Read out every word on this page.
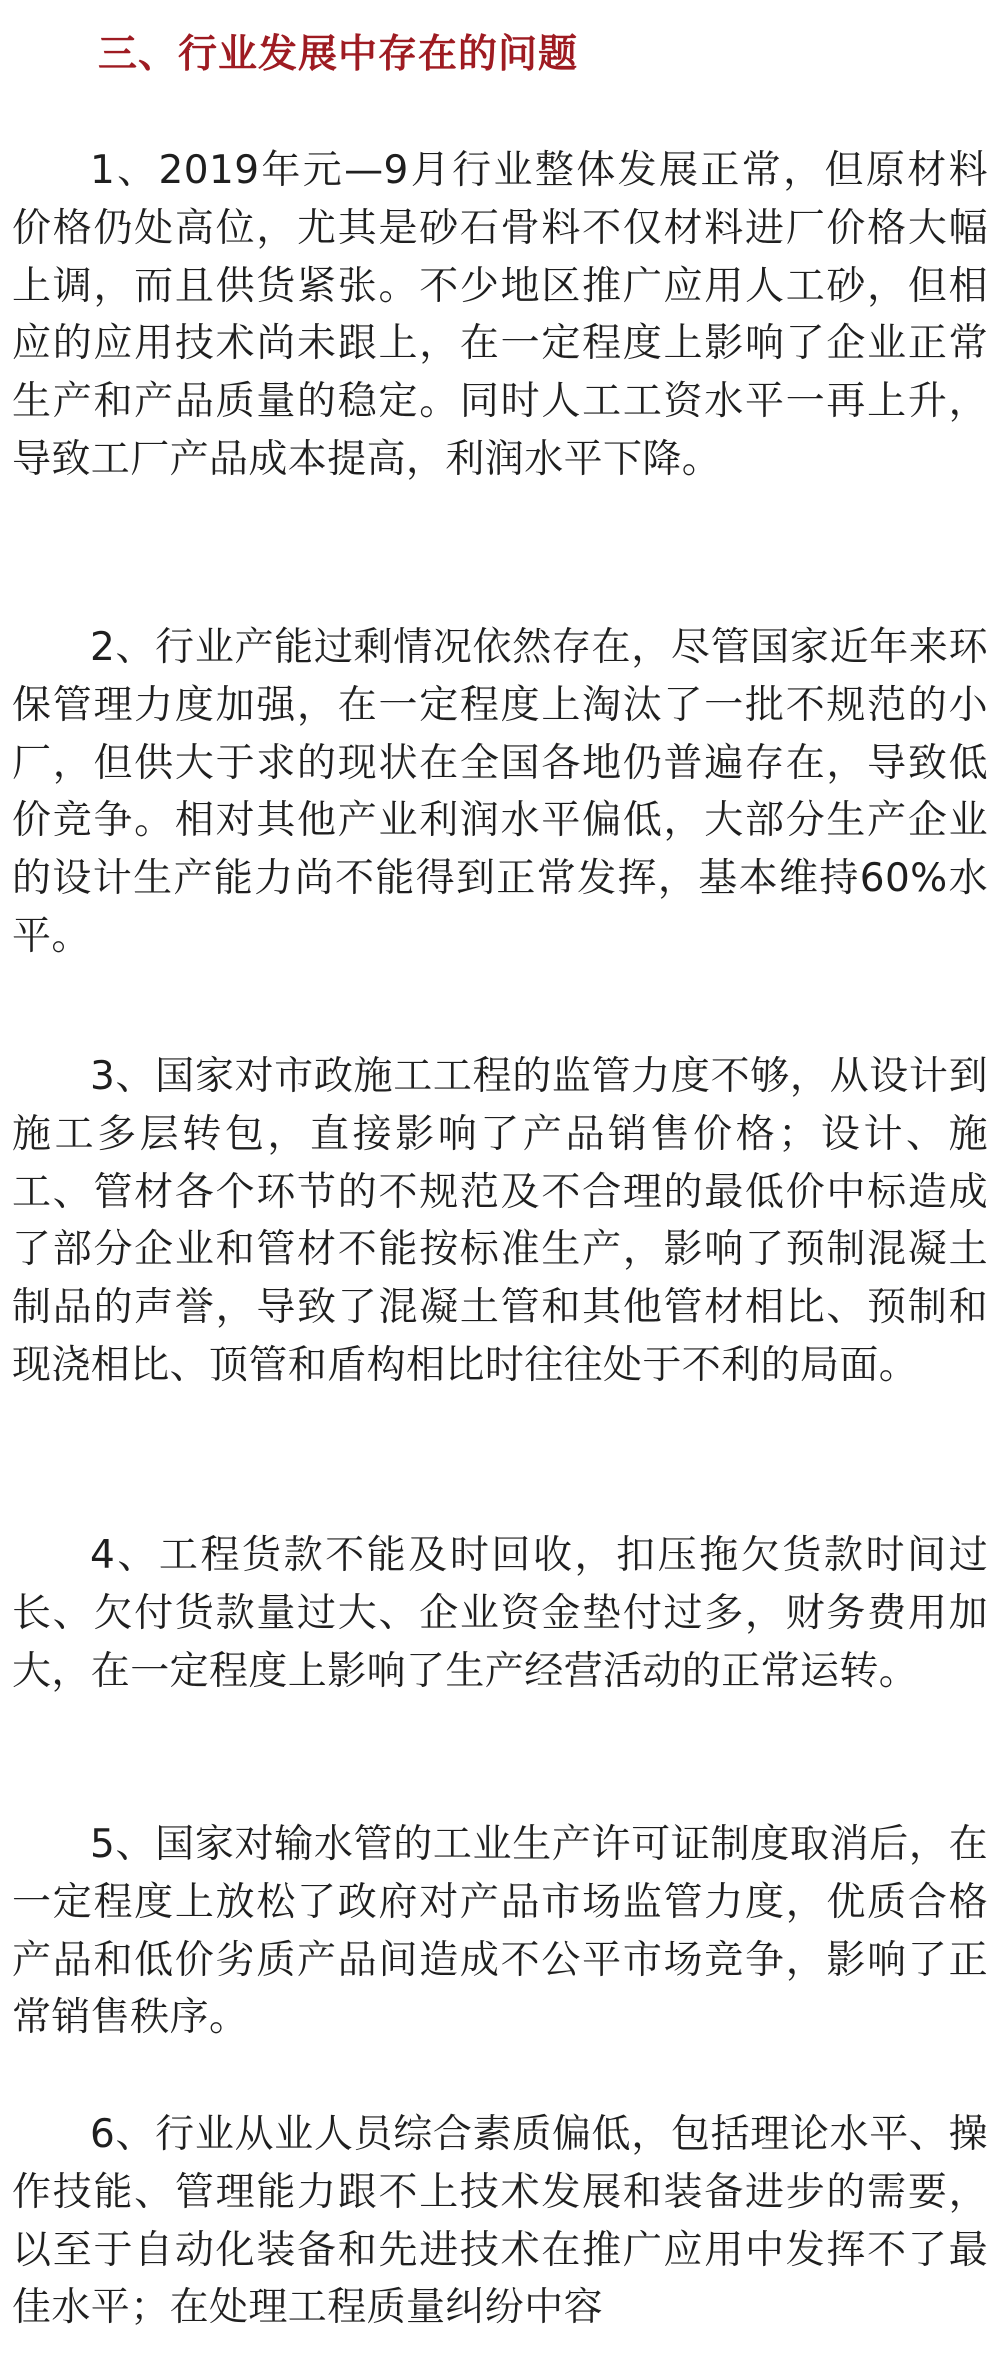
三、行业发展中存在的问题

1、2019年元—9月行业整体发展正常，但原材料价格仍处高位，尤其是砂石骨料不仅材料进厂价格大幅上调，而且供货紧张。不少地区推广应用人工砂，但相应的应用技术尚未跟上，在一定程度上影响了企业正常生产和产品质量的稳定。同时人工工资水平一再上升，导致工厂产品成本提高，利润水平下降。

2、行业产能过剩情况依然存在，尽管国家近年来环保管理力度加强，在一定程度上淘汰了一批不规范的小厂，但供大于求的现状在全国各地仍普遍存在，导致低价竞争。相对其他产业利润水平偏低，大部分生产企业的设计生产能力尚不能得到正常发挥，基本维持60%水平。

3、国家对市政施工工程的监管力度不够，从设计到施工多层转包，直接影响了产品销售价格；设计、施工、管材各个环节的不规范及不合理的最低价中标造成了部分企业和管材不能按标准生产，影响了预制混凝土制品的声誉，导致了混凝土管和其他管材相比、预制和现浇相比、顶管和盾构相比时往往处于不利的局面。

4、工程货款不能及时回收，扣压拖欠货款时间过长、欠付货款量过大、企业资金垫付过多，财务费用加大，在一定程度上影响了生产经营活动的正常运转。

5、国家对输水管的工业生产许可证制度取消后，在一定程度上放松了政府对产品市场监管力度，优质合格产品和低价劣质产品间造成不公平市场竞争，影响了正常销售秩序。

6、行业从业人员综合素质偏低，包括理论水平、操作技能、管理能力跟不上技术发展和装备进步的需要，以至于自动化装备和先进技术在推广应用中发挥不了最佳水平；在处理工程质量纠纷中容
